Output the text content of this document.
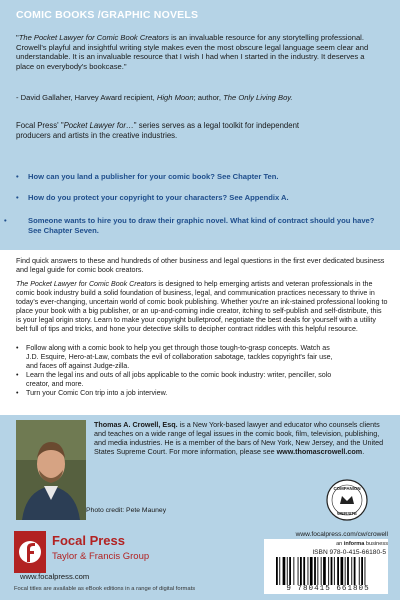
COMIC BOOKS /GRAPHIC NOVELS
"The Pocket Lawyer for Comic Book Creators is an invaluable resource for any storytelling professional. Crowell's playful and insightful writing style makes even the most obscure legal language seem clear and understandable. It is an invaluable resource that I wish I had when I started in the industry. It deserves a place on everybody's bookcase."
- David Gallaher, Harvey Award recipient, High Moon; author, The Only Living Boy.
Focal Press' "Pocket Lawyer for…" series serves as a legal toolkit for independent producers and artists in the creative industries.
• How can you land a publisher for your comic book? See Chapter Ten.
• How do you protect your copyright to your characters? See Appendix A.
•	Someone wants to hire you to draw their graphic novel. What kind of contract should you have? See Chapter Seven.
Find quick answers to these and hundreds of other business and legal questions in the first ever dedicated business and legal guide for comic book creators.
The Pocket Lawyer for Comic Book Creators is designed to help emerging artists and veteran professionals in the comic book industry build a solid foundation of business, legal, and communication practices necessary to thrive in today's ever-changing, uncertain world of comic book publishing. Whether you're an ink-stained professional looking to place your book with a big publisher, or an up-and-coming indie creator, itching to self-publish and self-distribute, this is your legal origin story. Learn to make your copyright bulletproof, negotiate the best deals for yourself with a utility belt full of tips and tricks, and hone your detective skills to decipher contract riddles with this helpful resource.
• Follow along with a comic book to help you get through those tough-to-grasp concepts. Watch as J.D. Esquire, Hero-at-Law, combats the evil of collaboration sabotage, tackles copyright's fair use, and faces off against Judge-zilla.
• Learn the legal ins and outs of all jobs applicable to the comic book industry: writer, penciller, solo creator, and more.
• Turn your Comic Con trip into a job interview.
Photo credit: Pete Mauney
Thomas A. Crowell, Esq. is a New York-based lawyer and educator who counsels clients and teaches on a wide range of legal issues in the comic book, film, television, publishing, and media industries. He is a member of the bars of New York, New Jersey, and the United States Supreme Court. For more information, please see www.thomascrowell.com.
COMPANION
WEBSITE
www.focalpress.com/cw/crowell
Focal Press
Taylor & Francis Group
www.focalpress.com
Focal titles are available as eBook editions in a range of digital formats
an informa business
ISBN 978-0-415-66180-5
9 780415 661805
